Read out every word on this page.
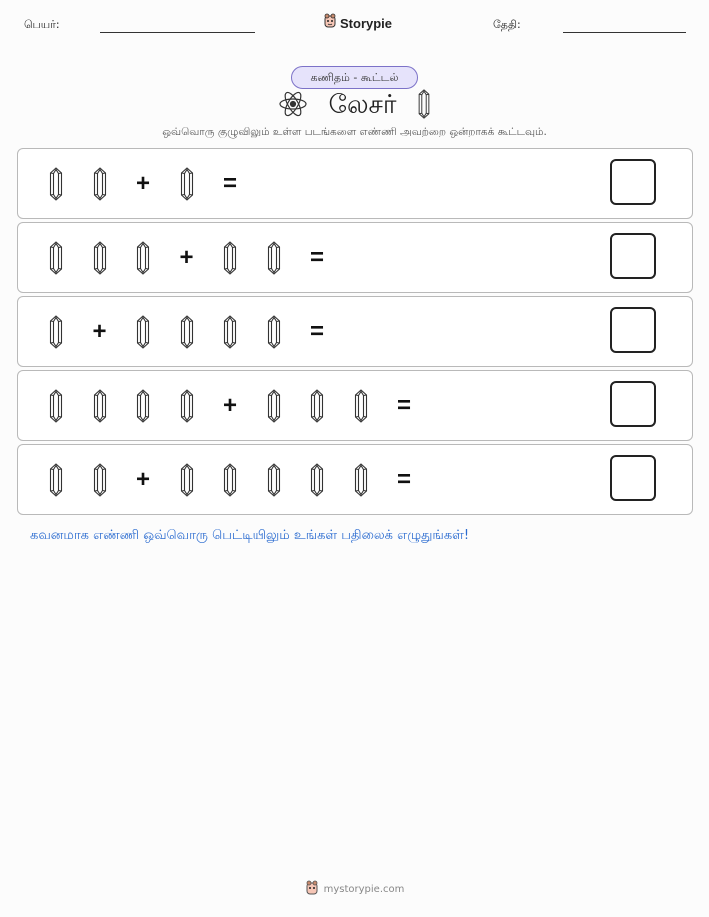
பெயர்:	Storypie	தேதி:
கணிதம் - கூட்டல்
லேசர்
ஒவ்வொரு குழுவிலும் உள்ள படங்களை எண்ணி அவற்றை ஒன்றாகக் கூட்டவும்.
+	=
+	=
+	=
+	=
+	=
கவனமாக எண்ணி ஒவ்வொரு பெட்டியிலும் உங்கள் பதிலைக் எழுதுங்கள்!
mystorypie.com
